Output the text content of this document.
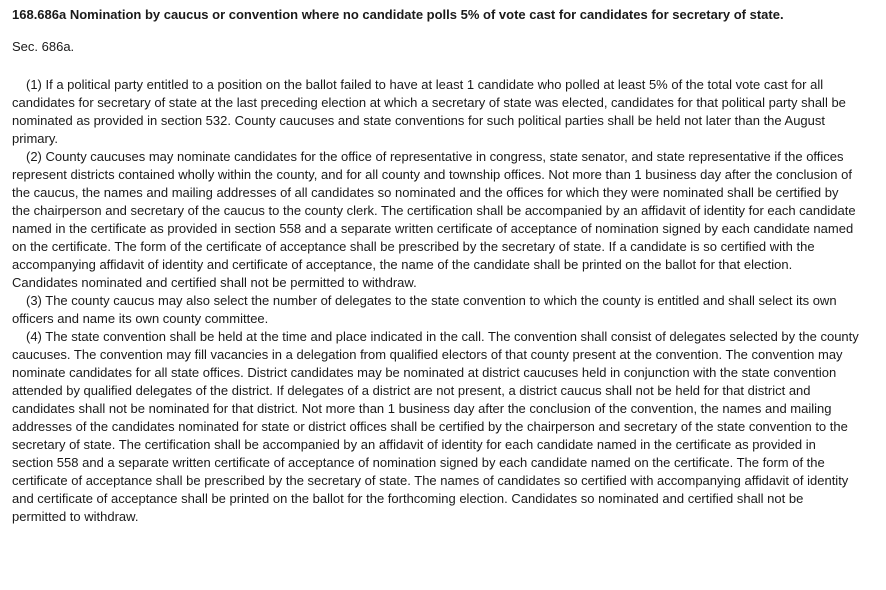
168.686a Nomination by caucus or convention where no candidate polls 5% of vote cast for candidates for secretary of state.

Sec. 686a.

(1) If a political party entitled to a position on the ballot failed to have at least 1 candidate who polled at least 5% of the total vote cast for all candidates for secretary of state at the last preceding election at which a secretary of state was elected, candidates for that political party shall be nominated as provided in section 532. County caucuses and state conventions for such political parties shall be held not later than the August primary.

(2) County caucuses may nominate candidates for the office of representative in congress, state senator, and state representative if the offices represent districts contained wholly within the county, and for all county and township offices. Not more than 1 business day after the conclusion of the caucus, the names and mailing addresses of all candidates so nominated and the offices for which they were nominated shall be certified by the chairperson and secretary of the caucus to the county clerk. The certification shall be accompanied by an affidavit of identity for each candidate named in the certificate as provided in section 558 and a separate written certificate of acceptance of nomination signed by each candidate named on the certificate. The form of the certificate of acceptance shall be prescribed by the secretary of state. If a candidate is so certified with the accompanying affidavit of identity and certificate of acceptance, the name of the candidate shall be printed on the ballot for that election. Candidates nominated and certified shall not be permitted to withdraw.

(3) The county caucus may also select the number of delegates to the state convention to which the county is entitled and shall select its own officers and name its own county committee.

(4) The state convention shall be held at the time and place indicated in the call. The convention shall consist of delegates selected by the county caucuses. The convention may fill vacancies in a delegation from qualified electors of that county present at the convention. The convention may nominate candidates for all state offices. District candidates may be nominated at district caucuses held in conjunction with the state convention attended by qualified delegates of the district. If delegates of a district are not present, a district caucus shall not be held for that district and candidates shall not be nominated for that district. Not more than 1 business day after the conclusion of the convention, the names and mailing addresses of the candidates nominated for state or district offices shall be certified by the chairperson and secretary of the state convention to the secretary of state. The certification shall be accompanied by an affidavit of identity for each candidate named in the certificate as provided in section 558 and a separate written certificate of acceptance of nomination signed by each candidate named on the certificate. The form of the certificate of acceptance shall be prescribed by the secretary of state. The names of candidates so certified with accompanying affidavit of identity and certificate of acceptance shall be printed on the ballot for the forthcoming election. Candidates so nominated and certified shall not be permitted to withdraw.
